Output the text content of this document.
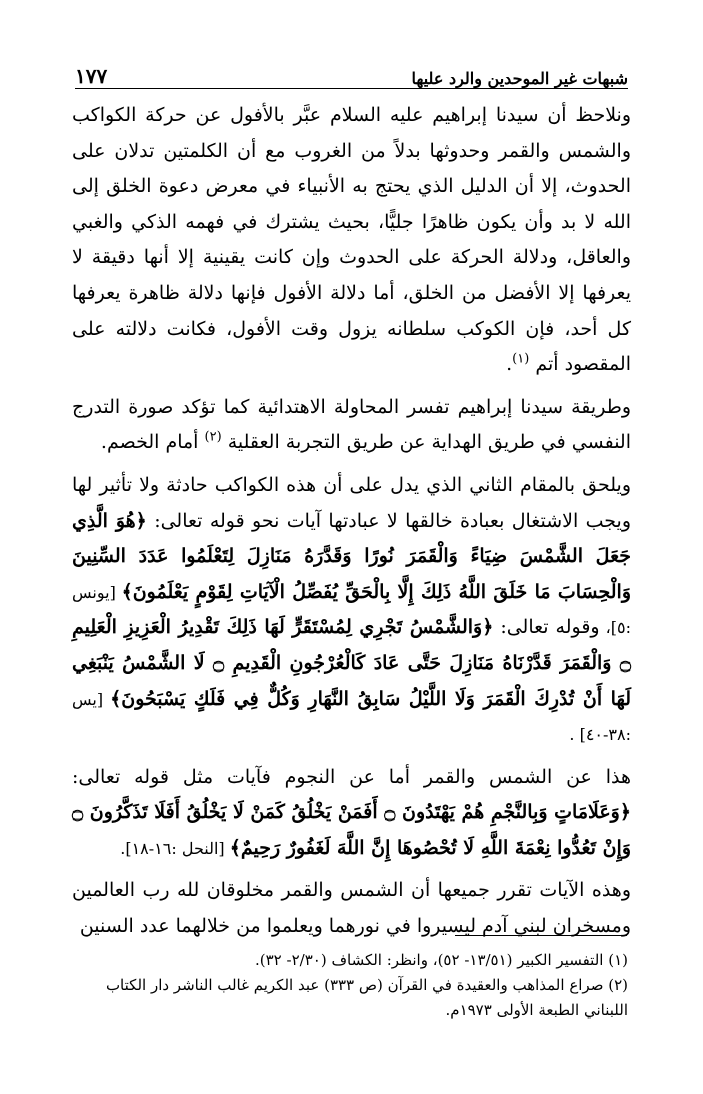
١٧٧	شبهات غير الموحدين والرد عليها

ونلاحظ أن سيدنا إبراهيم عليه السلام عبَّر بالأفول عن حركة الكواكب والشمس والقمر وحدوثها بدلاً من الغروب مع أن الكلمتين تدلان على الحدوث، إلا أن الدليل الذي يحتج به الأنبياء في معرض دعوة الخلق إلى الله لا بد وأن يكون ظاهرًا جليًّا، بحيث يشترك في فهمه الذكي والغبي والعاقل، ودلالة الحركة على الحدوث وإن كانت يقينية إلا أنها دقيقة لا يعرفها إلا الأفضل من الخلق، أما دلالة الأفول فإنها دلالة ظاهرة يعرفها كل أحد، فإن الكوكب سلطانه يزول وقت الأفول، فكانت دلالته على المقصود أتم $^{(١)}$.

وطريقة سيدنا إبراهيم تفسر المحاولة الاهتدائية كما تؤكد صورة التدرج النفسي في طريق الهداية عن طريق التجربة العقلية $^{(٢)}$ أمام الخصم.

ويلحق بالمقام الثاني الذي يدل على أن هذه الكواكب حادثة ولا تأثير لها ويجب الاشتغال بعبادة خالقها لا عبادتها آيات نحو قوله تعالى: ﴿هُوَ الَّذِي جَعَلَ الشَّمْسَ ضِيَاءً وَالْقَمَرَ نُورًا وَقَدَّرَهُ مَنَازِلَ لِتَعْلَمُوا عَدَدَ السِّنِينَ وَالْحِسَابَ مَا خَلَقَ اللَّهُ ذَلِكَ إِلَّا بِالْحَقِّ يُفَصِّلُ الْآيَاتِ لِقَوْمٍ يَعْلَمُونَ﴾ [يونس :٥]، وقوله تعالى: ﴿وَالشَّمْسُ تَجْرِي لِمُسْتَقَرٍّ لَهَا ذَلِكَ تَقْدِيرُ الْعَزِيزِ الْعَلِيمِ ۝ وَالْقَمَرَ قَدَّرْنَاهُ مَنَازِلَ حَتَّى عَادَ كَالْعُرْجُونِ الْقَدِيمِ ۝ لَا الشَّمْسُ يَنْبَغِي لَهَا أَنْ تُدْرِكَ الْقَمَرَ وَلَا اللَّيْلُ سَابِقُ النَّهَارِ وَكُلٌّ فِي فَلَكٍ يَسْبَحُونَ﴾ [يس :٣٨-٤٠] .

هذا عن الشمس والقمر أما عن النجوم فآيات مثل قوله تعالى: ﴿وَعَلَامَاتٍ وَبِالنَّجْمِ هُمْ يَهْتَدُونَ ۝ أَفَمَنْ يَخْلُقُ كَمَنْ لَا يَخْلُقُ أَفَلَا تَذَكَّرُونَ ۝ وَإِنْ تَعُدُّوا نِعْمَةَ اللَّهِ لَا تُحْصُوهَا إِنَّ اللَّهَ لَغَفُورٌ رَحِيمٌ﴾ [النحل :١٦-١٨].

وهذه الآيات تقرر جميعها أن الشمس والقمر مخلوقان لله رب العالمين ومسخران لبني آدم ليسيروا في نورهما ويعلموا من خلالهما عدد السنين

(١) التفسير الكبير (١٣/٥١- ٥٢)، وانظر: الكشاف (٢/٣٠- ٣٢).

(٢) صراع المذاهب والعقيدة في القرآن (ص ٣٣٣) عبد الكريم غالب الناشر دار الكتاب اللبناني الطبعة الأولى ١٩٧٣م.
